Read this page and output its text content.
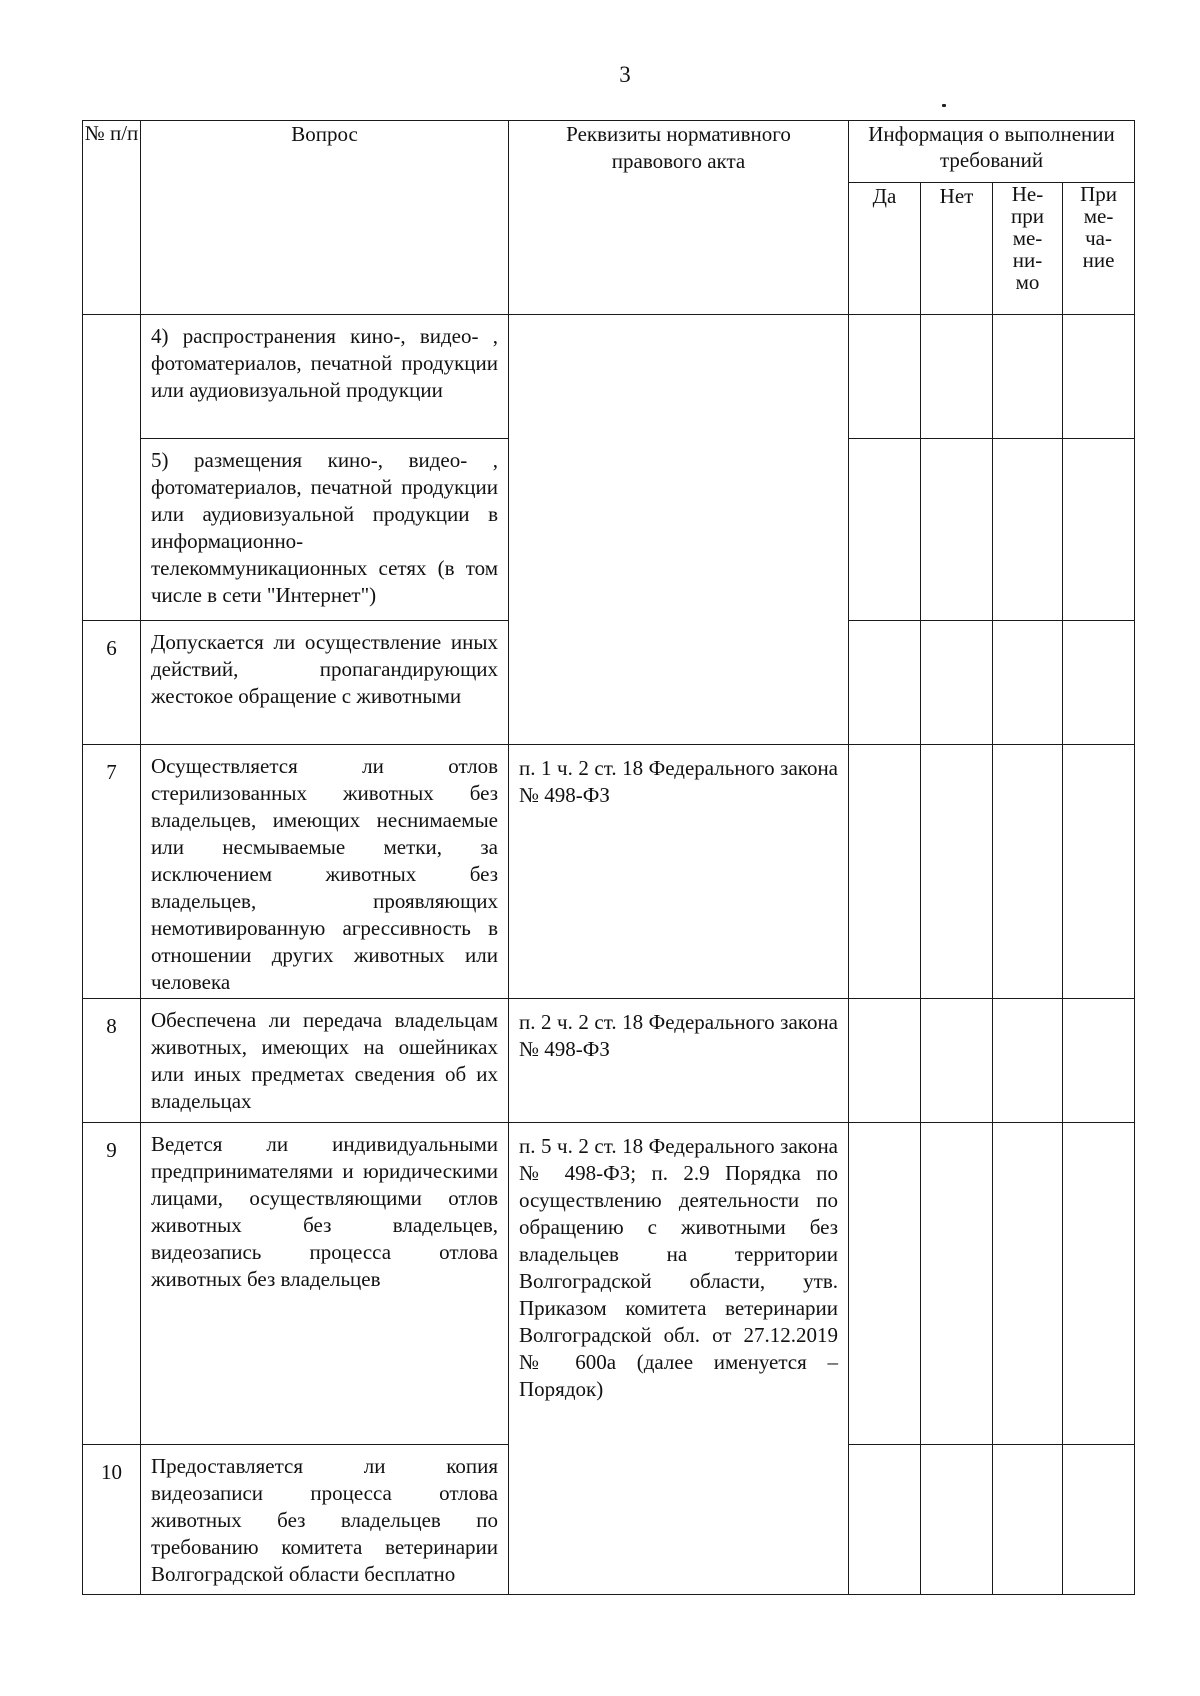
3
№ п/п	Вопрос	Реквизиты нормативного правового акта	Информация о выполнении требований			
			Да	Нет	Не-при ме-ни-мо	При ме-ча-ние
	4) распространения кино-, видео- , фотоматериалов, печатной продукции или аудиовизуальной продукции					
	5) размещения кино-, видео- , фотоматериалов, печатной продукции или аудиовизуальной продукции в информационно-телекоммуникационных сетях (в том числе в сети "Интернет")					
6	Допускается ли осуществление иных действий, пропагандирующих жестокое обращение с животными					
7	Осуществляется ли отлов стерилизованных животных без владельцев, имеющих неснимаемые или несмываемые метки, за исключением животных без владельцев, проявляющих немотивированную агрессивность в отношении других животных или человека	п. 1 ч. 2 ст. 18 Федерального закона № 498-ФЗ				
8	Обеспечена ли передача владельцам животных, имеющих на ошейниках или иных предметах сведения об их владельцах	п. 2 ч. 2 ст. 18 Федерального закона № 498-ФЗ				
9	Ведется ли индивидуальными предпринимателями и юридическими лицами, осуществляющими отлов животных без владельцев, видеозапись процесса отлова животных без владельцев	п. 5 ч. 2 ст. 18 Федерального закона № 498-ФЗ; п. 2.9 Порядка по осуществлению деятельности по обращению с животными без владельцев на территории Волгоградской области, утв. Приказом комитета ветеринарии Волгоградской обл. от 27.12.2019 № 600а (далее именуется – Порядок)				
10	Предоставляется ли копия видеозаписи процесса отлова животных без владельцев по требованию комитета ветеринарии Волгоградской области бесплатно					
